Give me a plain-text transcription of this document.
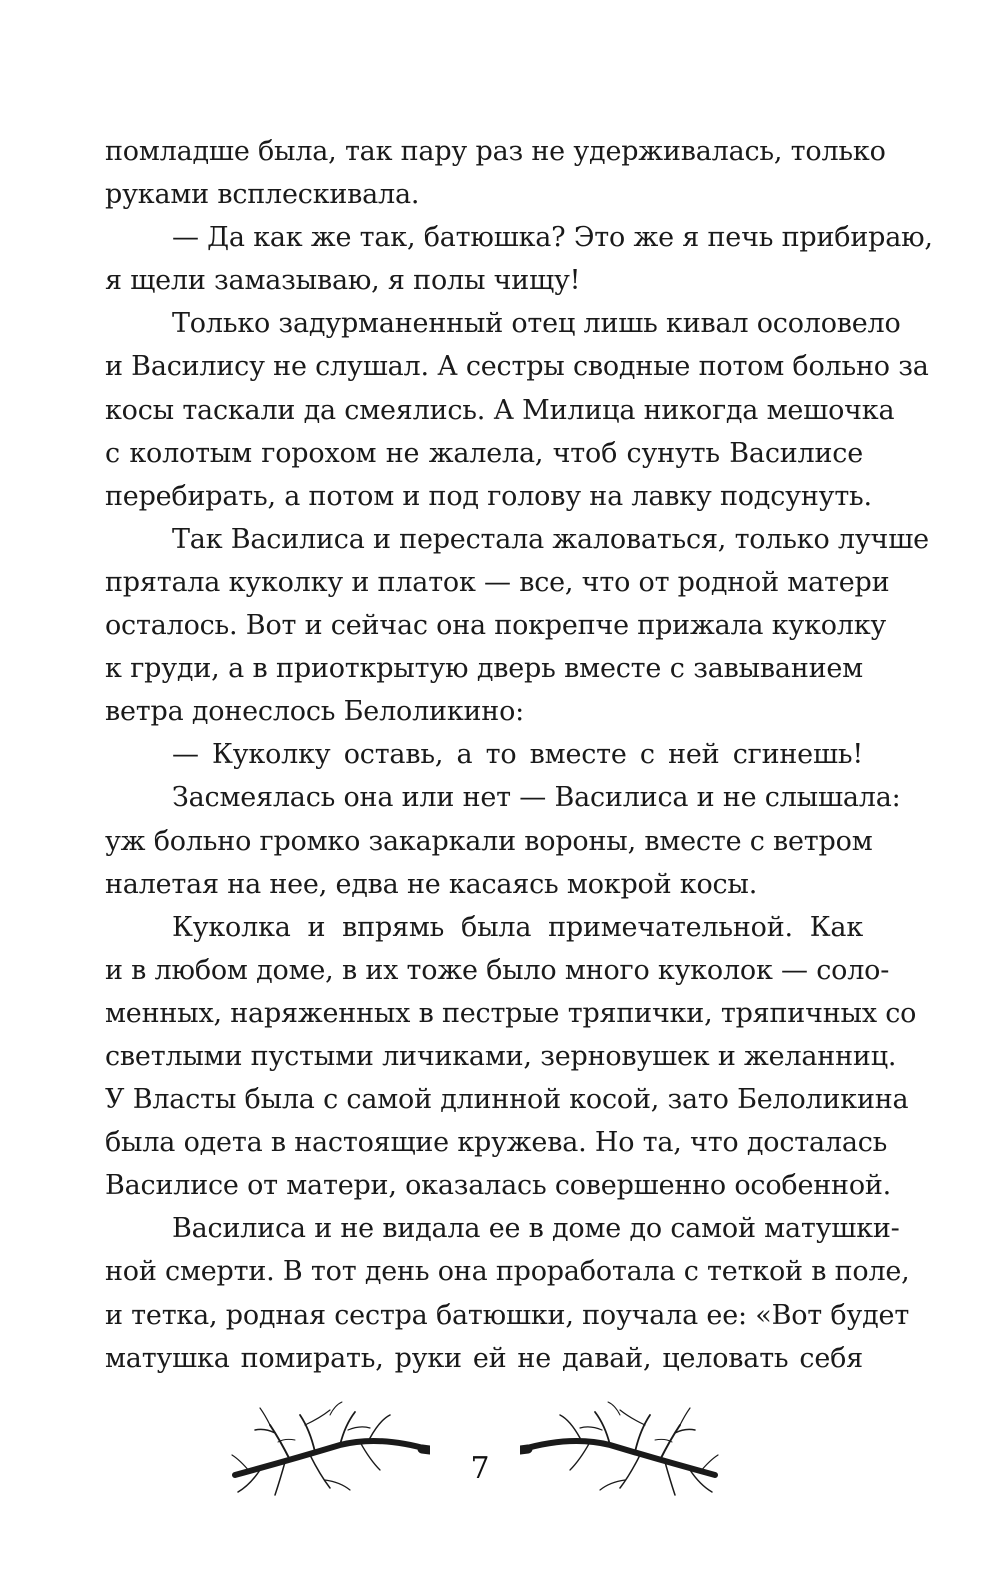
помладше была, так пару раз не удерживалась, только
руками всплескивала.
— Да как же так, батюшка? Это же я печь прибираю,
я щели замазываю, я полы чищу!
Только задурманенный отец лишь кивал осоловело
и Василису не слушал. А сестры сводные потом больно за
косы таскали да смеялись. А Милица никогда мешочка
с колотым горохом не жалела, чтоб сунуть Василисе
перебирать, а потом и под голову на лавку подсунуть.
Так Василиса и перестала жаловаться, только лучше
прятала куколку и платок — все, что от родной матери
осталось. Вот и сейчас она покрепче прижала куколку
к груди, а в приоткрытую дверь вместе с завыванием
ветра донеслось Белоликино:
— Куколку оставь, а то вместе с ней сгинешь!
Засмеялась она или нет — Василиса и не слышала:
уж больно громко закаркали вороны, вместе с ветром
налетая на нее, едва не касаясь мокрой косы.
Куколка и впрямь была примечательной. Как
и в любом доме, в их тоже было много куколок — соло-
менных, наряженных в пестрые тряпички, тряпичных со
светлыми пустыми личиками, зерновушек и желанниц.
У Власты была с самой длинной косой, зато Белоликина
была одета в настоящие кружева. Но та, что досталась
Василисе от матери, оказалась совершенно особенной.
Василиса и не видала ее в доме до самой матушки-
ной смерти. В тот день она проработала с теткой в поле,
и тетка, родная сестра батюшки, поучала ее: «Вот будет
матушка помирать, руки ей не давай, целовать себя
7
